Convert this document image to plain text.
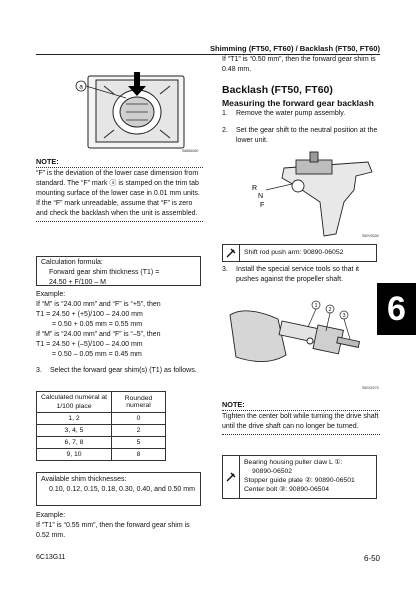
Shimming (FT50, FT60) / Backlash (FT50, FT60)
a
S6856260
NOTE:
“F” is the deviation of the lower case dimension from standard. The “F” mark ⓐ is stamped on the trim tab mounting surface of the lower case in 0.01 mm units. If the “F” mark unreadable, assume that “F” is zero and check the backlash when the unit is assembled.
Calculation formula:
Forward gear shim thickness (T1) =
24.50 + F/100 – M
Example:
If “M” is “24.00 mm” and “F” is “+5”, then
T1 = 24.50 + (+5)/100 – 24.00 mm
= 0.50 + 0.05 mm = 0.55 mm
If “M” is “24.00 mm” and “F” is “–5”, then
T1 = 24.50 + (–5)/100 – 24.00 mm
= 0.50 – 0.05 mm = 0.45 mm
3.	Select the forward gear shim(s) (T1) as follows.
Calculated numeral at 1/100 place	Rounded numeral
1, 2	0
3, 4, 5	2
6, 7, 8	5
9, 10	8
Available shim thicknesses:
0.10, 0.12, 0.15, 0.18, 0.30, 0.40, and 0.50 mm
Example:
If “T1” is “0.55 mm”, then the forward gear shim is 0.52 mm.
If “T1” is “0.50 mm”, then the forward gear shim is 0.48 mm.
Backlash (FT50, FT60)
Measuring the forward gear backlash
1.	Remove the water pump assembly.
2.	Set the gear shift to the neutral position at the lower unit.
R
N
F
S60V5330
Shift rod push arm: 90890-06052
3.	Install the special service tools so that it pushes against the propeller shaft.
1
2
3
S60X0270
NOTE:
Tighten the center bolt while turning the drive shaft until the drive shaft can no longer be turned.
Bearing housing puller claw L ①:
90890-06502
Stopper guide plate ②: 90890-06501
Center bolt ③: 90890-06504
6
6C13G11	6-50
